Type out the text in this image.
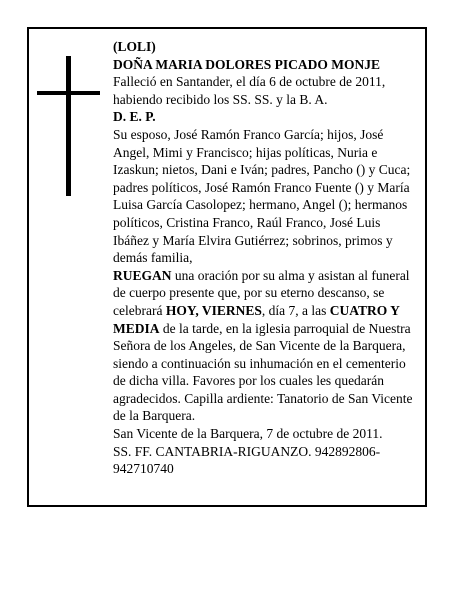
(LOLI)

DOÑA MARIA DOLORES PICADO MONJE

Falleció en Santander, el día 6 de octubre de 2011, habiendo recibido los SS. SS. y la B. A.

D. E. P.

Su esposo, José Ramón Franco García; hijos, José Angel, Mimi y Francisco; hijas políticas, Nuria e Izaskun; nietos, Dani e Iván; padres, Pancho () y Cuca; padres políticos, José Ramón Franco Fuente () y María Luisa García Casolopez; hermano, Angel (); hermanos políticos, Cristina Franco, Raúl Franco, José Luis Ibáñez y María Elvira Gutiérrez; sobrinos, primos y demás familia,

RUEGAN una oración por su alma y asistan al funeral de cuerpo presente que, por su eterno descanso, se celebrará HOY, VIERNES, día 7, a las CUATRO Y MEDIA de la tarde, en la iglesia parroquial de Nuestra Señora de los Angeles, de San Vicente de la Barquera, siendo a continuación su inhumación en el cementerio de dicha villa. Favores por los cuales les quedarán agradecidos. Capilla ardiente: Tanatorio de San Vicente de la Barquera.

San Vicente de la Barquera, 7 de octubre de 2011.

SS. FF. CANTABRIA-RIGUANZO. 942892806-942710740
